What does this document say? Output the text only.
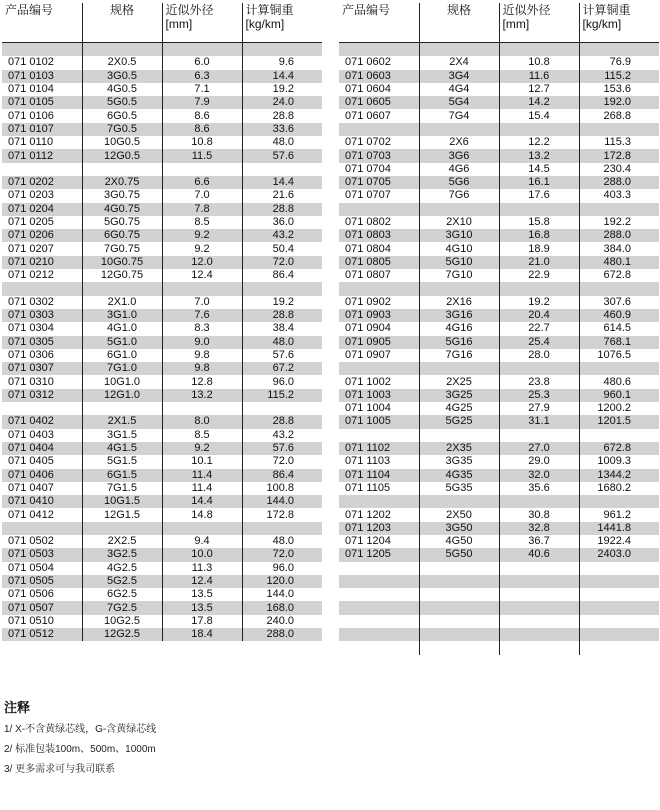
产品编号	规格	近似外径
[mm]	计算铜重
[kg/km]

071 0102	2X0.5	6.0	9.6
071 0103	3G0.5	6.3	14.4
071 0104	4G0.5	7.1	19.2
071 0105	5G0.5	7.9	24.0
071 0106	6G0.5	8.6	28.8
071 0107	7G0.5	8.6	33.6
071 0110	10G0.5	10.8	48.0
071 0112	12G0.5	11.5	57.6

071 0202	2X0.75	6.6	14.4
071 0203	3G0.75	7.0	21.6
071 0204	4G0.75	7.8	28.8
071 0205	5G0.75	8.5	36.0
071 0206	6G0.75	9.2	43.2
071 0207	7G0.75	9.2	50.4
071 0210	10G0.75	12.0	72.0
071 0212	12G0.75	12.4	86.4

071 0302	2X1.0	7.0	19.2
071 0303	3G1.0	7.6	28.8
071 0304	4G1.0	8.3	38.4
071 0305	5G1.0	9.0	48.0
071 0306	6G1.0	9.8	57.6
071 0307	7G1.0	9.8	67.2
071 0310	10G1.0	12.8	96.0
071 0312	12G1.0	13.2	115.2

071 0402	2X1.5	8.0	28.8
071 0403	3G1.5	8.5	43.2
071 0404	4G1.5	9.2	57.6
071 0405	5G1.5	10.1	72.0
071 0406	6G1.5	11.4	86.4
071 0407	7G1.5	11.4	100.8
071 0410	10G1.5	14.4	144.0
071 0412	12G1.5	14.8	172.8

071 0502	2X2.5	9.4	48.0
071 0503	3G2.5	10.0	72.0
071 0504	4G2.5	11.3	96.0
071 0505	5G2.5	12.4	120.0
071 0506	6G2.5	13.5	144.0
071 0507	7G2.5	13.5	168.0
071 0510	10G2.5	17.8	240.0
071 0512	12G2.5	18.4	288.0
产品编号	规格	近似外径
[mm]	计算铜重
[kg/km]

071 0602	2X4	10.8	76.9
071 0603	3G4	11.6	115.2
071 0604	4G4	12.7	153.6
071 0605	5G4	14.2	192.0
071 0607	7G4	15.4	268.8

071 0702	2X6	12.2	115.3
071 0703	3G6	13.2	172.8
071 0704	4G6	14.5	230.4
071 0705	5G6	16.1	288.0
071 0707	7G6	17.6	403.3

071 0802	2X10	15.8	192.2
071 0803	3G10	16.8	288.0
071 0804	4G10	18.9	384.0
071 0805	5G10	21.0	480.1
071 0807	7G10	22.9	672.8

071 0902	2X16	19.2	307.6
071 0903	3G16	20.4	460.9
071 0904	4G16	22.7	614.5
071 0905	5G16	25.4	768.1
071 0907	7G16	28.0	1076.5

071 1002	2X25	23.8	480.6
071 1003	3G25	25.3	960.1
071 1004	4G25	27.9	1200.2
071 1005	5G25	31.1	1201.5

071 1102	2X35	27.0	672.8
071 1103	3G35	29.0	1009.3
071 1104	4G35	32.0	1344.2
071 1105	5G35	35.6	1680.2

071 1202	2X50	30.8	961.2
071 1203	3G50	32.8	1441.8
071 1204	4G50	36.7	1922.4
071 1205	5G50	40.6	2403.0

注释
1/ X-不含黄绿芯线，G-含黄绿芯线
2/ 标准包装100m、500m、1000m
3/ 更多需求可与我司联系
